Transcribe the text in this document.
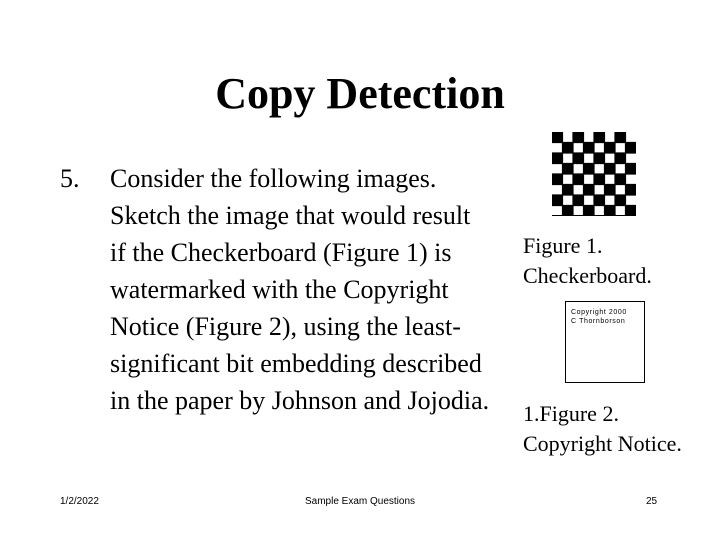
Copy Detection
5. Consider the following images.
Sketch the image that would result
if the Checkerboard (Figure 1) is
watermarked with the Copyright
Notice (Figure 2), using the least-
significant bit embedding described
in the paper by Johnson and Jojodia.
Figure 1.
Checkerboard.
Copyright 2000
C Thornborson
1.Figure 2.
Copyright Notice.
1/2/2022	Sample Exam Questions	25
